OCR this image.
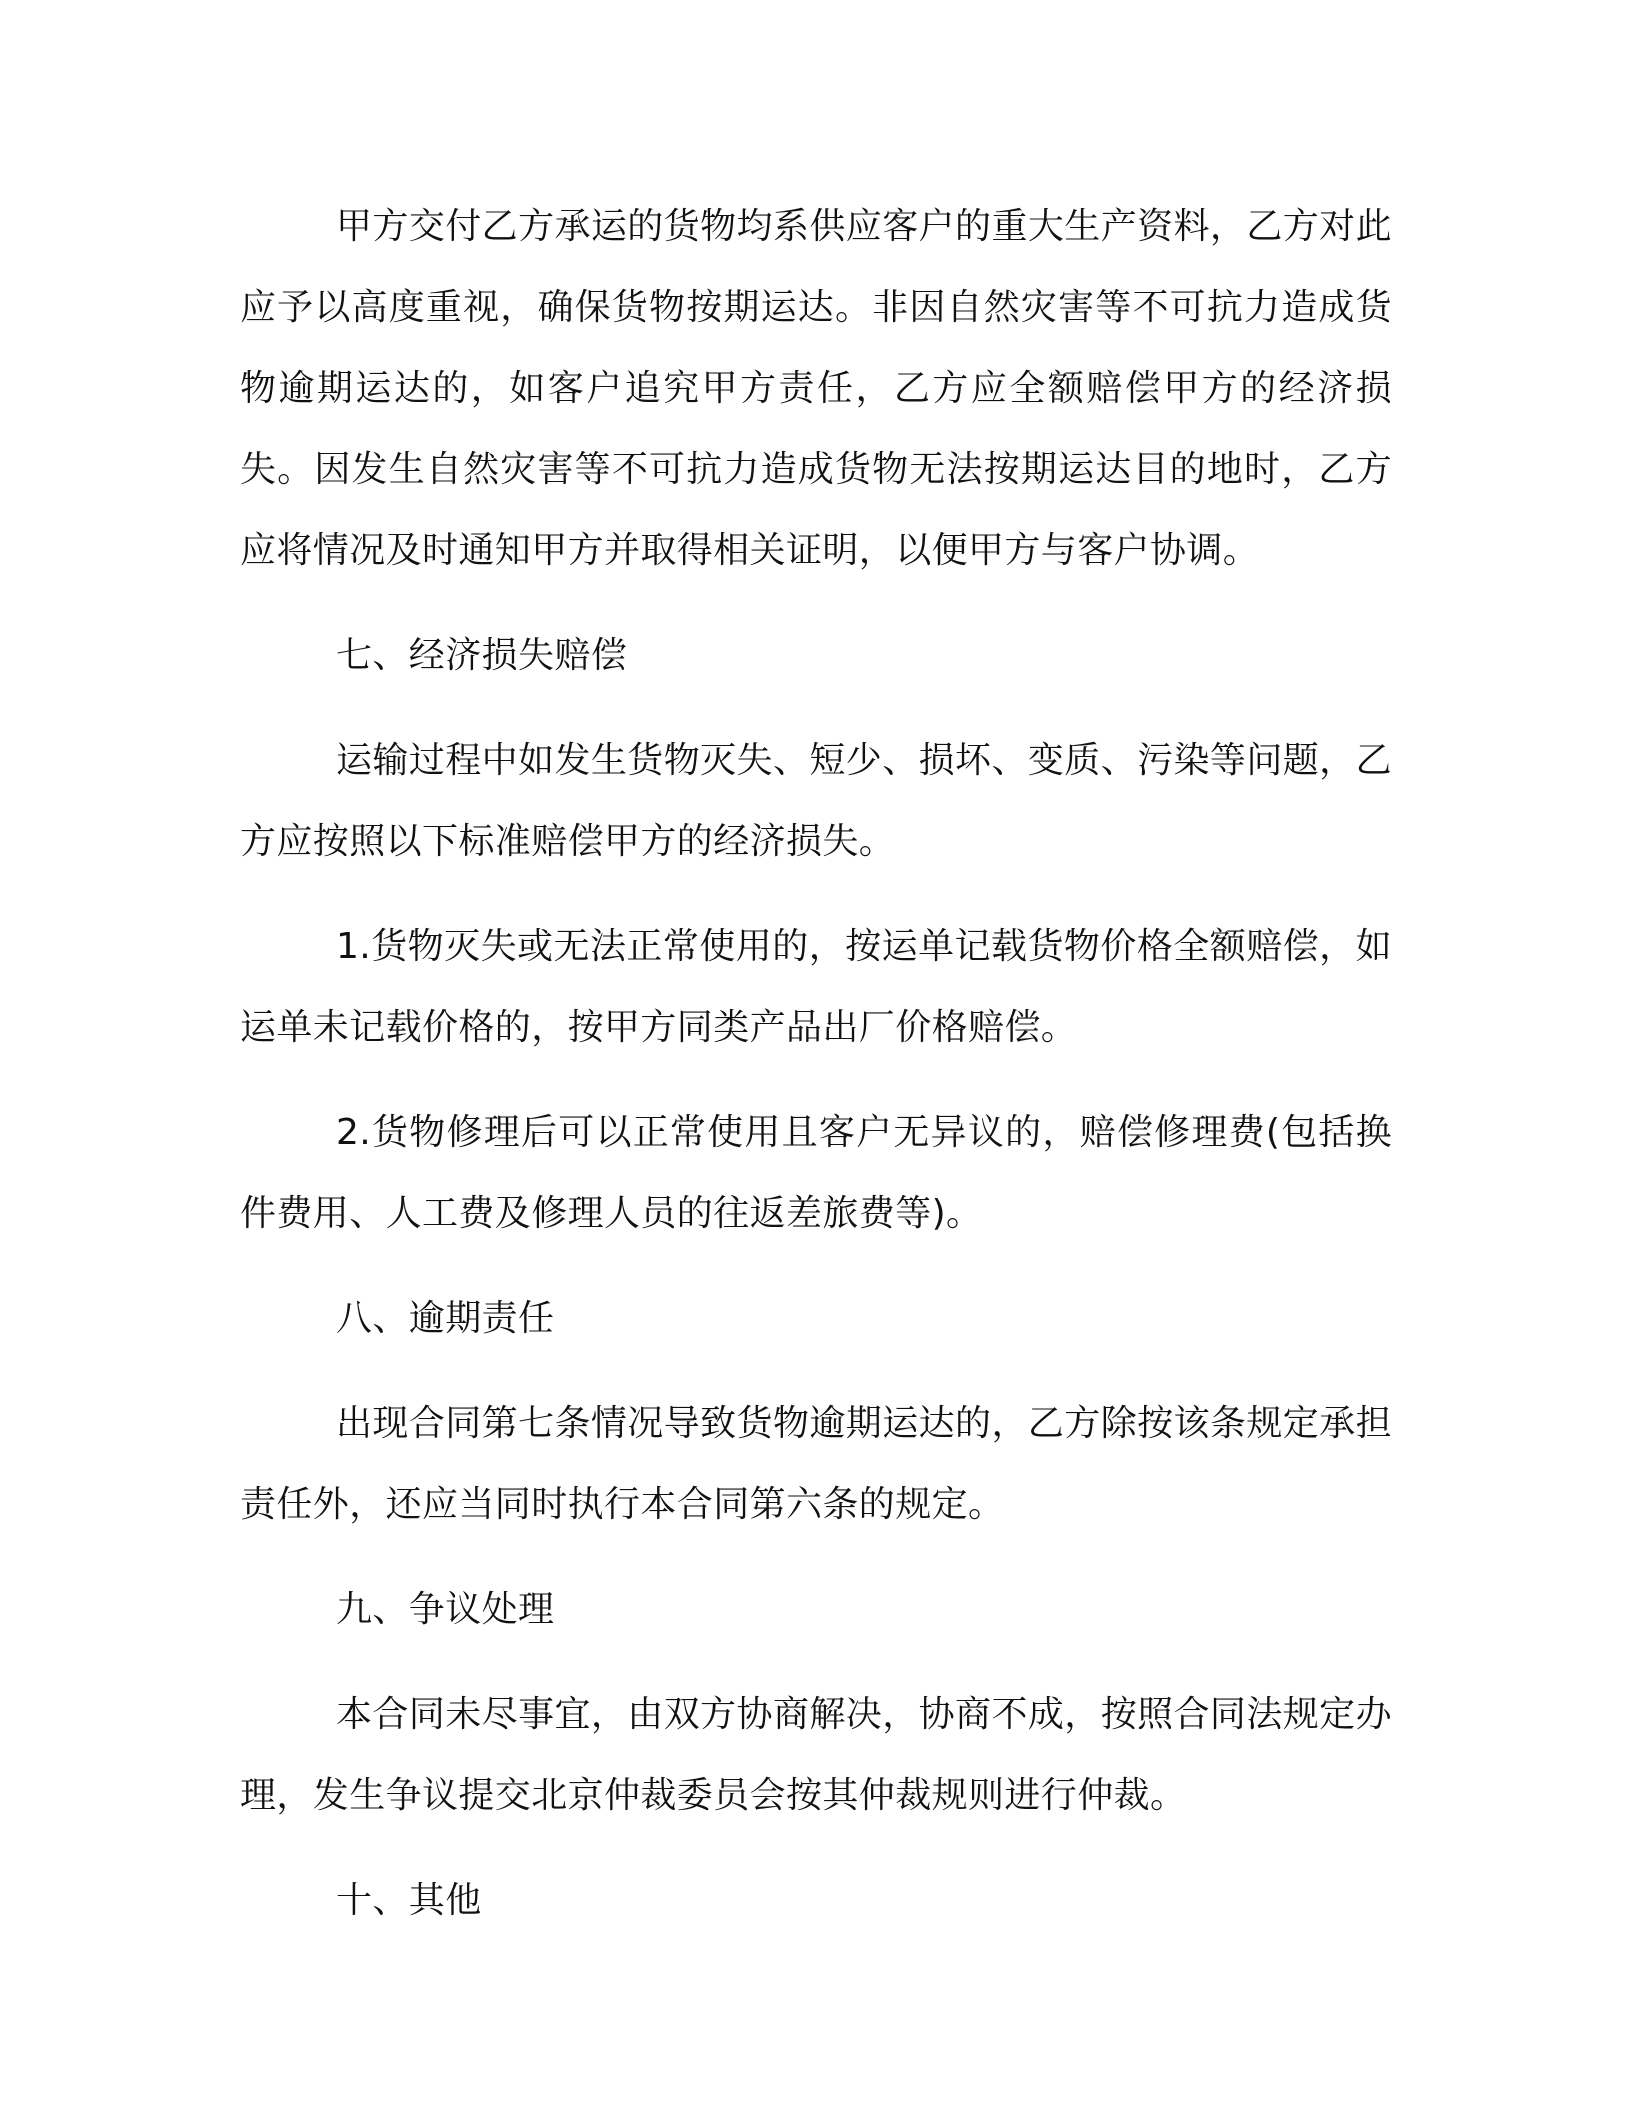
甲方交付乙方承运的货物均系供应客户的重大生产资料，乙方对此应予以高度重视，确保货物按期运达。非因自然灾害等不可抗力造成货物逾期运达的，如客户追究甲方责任，乙方应全额赔偿甲方的经济损失。因发生自然灾害等不可抗力造成货物无法按期运达目的地时，乙方应将情况及时通知甲方并取得相关证明，以便甲方与客户协调。

七、经济损失赔偿

运输过程中如发生货物灭失、短少、损坏、变质、污染等问题，乙方应按照以下标准赔偿甲方的经济损失。

1.货物灭失或无法正常使用的，按运单记载货物价格全额赔偿，如运单未记载价格的，按甲方同类产品出厂价格赔偿。

2.货物修理后可以正常使用且客户无异议的，赔偿修理费(包括换件费用、人工费及修理人员的往返差旅费等)。

八、逾期责任

出现合同第七条情况导致货物逾期运达的，乙方除按该条规定承担责任外，还应当同时执行本合同第六条的规定。

九、争议处理

本合同未尽事宜，由双方协商解决，协商不成，按照合同法规定办理，发生争议提交北京仲裁委员会按其仲裁规则进行仲裁。

十、其他
